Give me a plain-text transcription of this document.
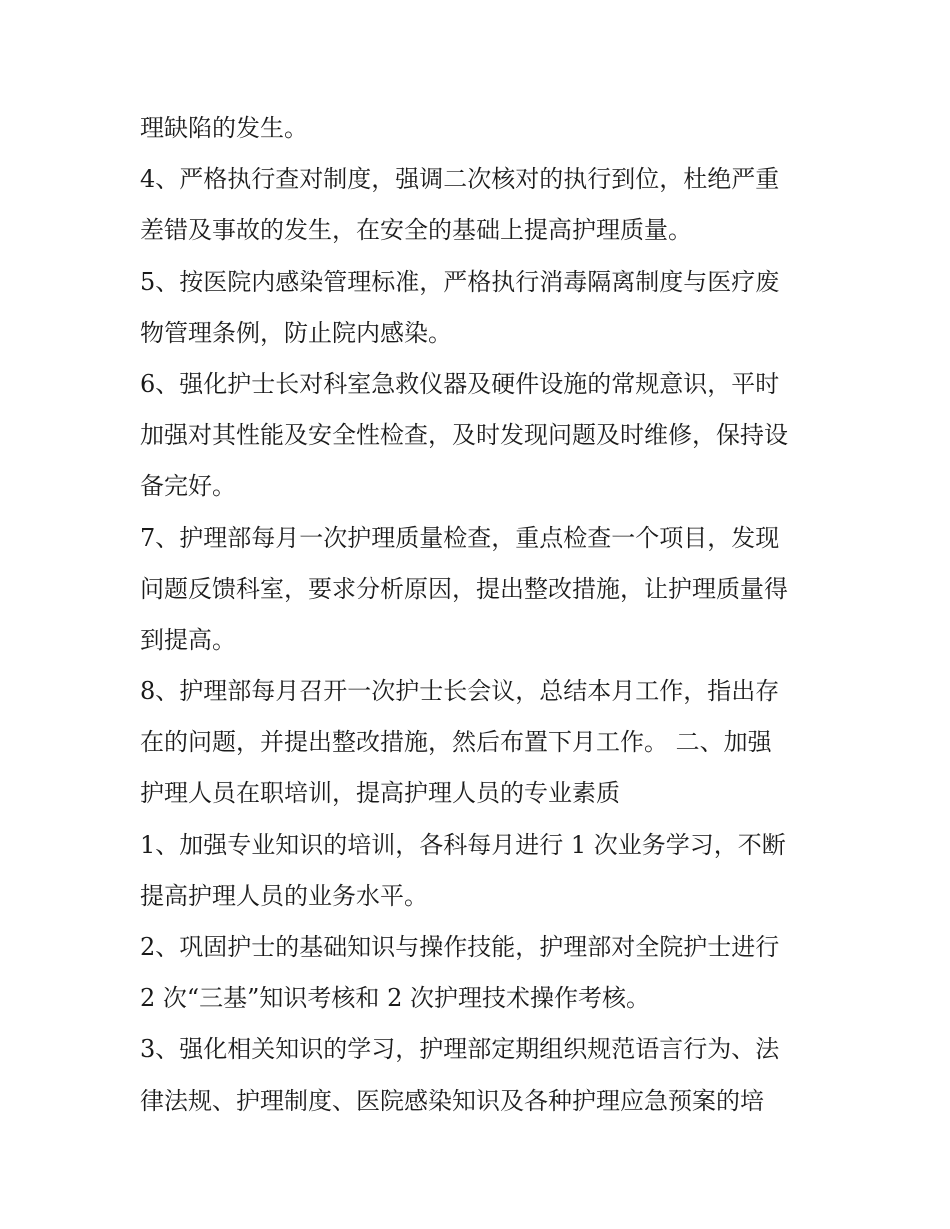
理缺陷的发生。
4、严格执行查对制度，强调二次核对的执行到位，杜绝严重
差错及事故的发生，在安全的基础上提高护理质量。
5、按医院内感染管理标准，严格执行消毒隔离制度与医疗废
物管理条例，防止院内感染。
6、强化护士长对科室急救仪器及硬件设施的常规意识，平时
加强对其性能及安全性检查，及时发现问题及时维修，保持设
备完好。
7、护理部每月一次护理质量检查，重点检查一个项目，发现
问题反馈科室，要求分析原因，提出整改措施，让护理质量得
到提高。
8、护理部每月召开一次护士长会议，总结本月工作，指出存
在的问题，并提出整改措施，然后布置下月工作。 二、加强
护理人员在职培训，提高护理人员的专业素质
1、加强专业知识的培训，各科每月进行 1 次业务学习，不断
提高护理人员的业务水平。
2、巩固护士的基础知识与操作技能，护理部对全院护士进行
2 次“三基”知识考核和 2 次护理技术操作考核。
3、强化相关知识的学习，护理部定期组织规范语言行为、法
律法规、护理制度、医院感染知识及各种护理应急预案的培
